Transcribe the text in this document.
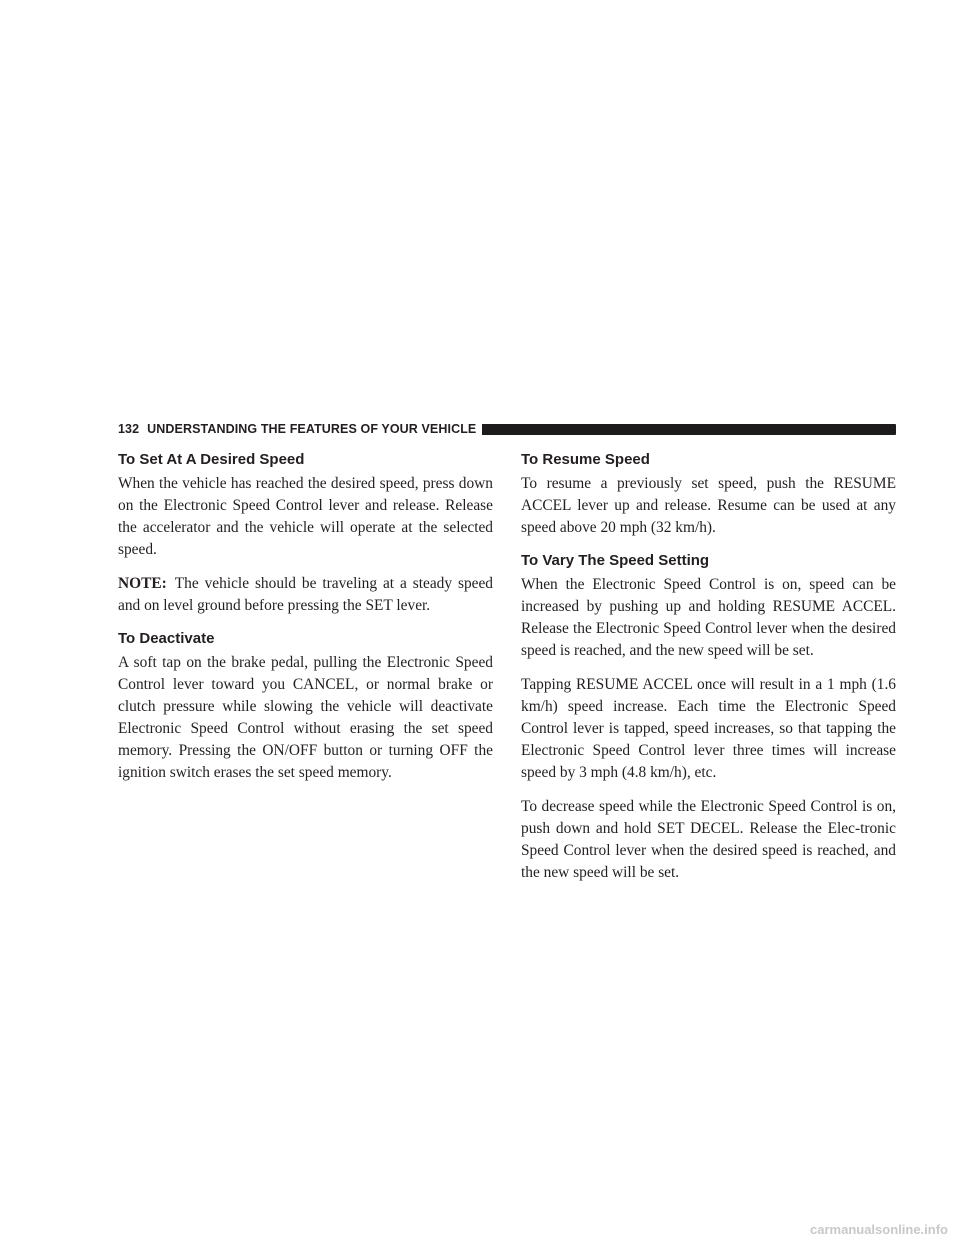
132 UNDERSTANDING THE FEATURES OF YOUR VEHICLE
To Set At A Desired Speed

When the vehicle has reached the desired speed, press down on the Electronic Speed Control lever and release. Release the accelerator and the vehicle will operate at the selected speed.

NOTE: The vehicle should be traveling at a steady speed and on level ground before pressing the SET lever.

To Deactivate

A soft tap on the brake pedal, pulling the Electronic Speed Control lever toward you CANCEL, or normal brake or clutch pressure while slowing the vehicle will deactivate Electronic Speed Control without erasing the set speed memory. Pressing the ON/OFF button or turning OFF the ignition switch erases the set speed memory.

To Resume Speed

To resume a previously set speed, push the RESUME ACCEL lever up and release. Resume can be used at any speed above 20 mph (32 km/h).

To Vary The Speed Setting

When the Electronic Speed Control is on, speed can be increased by pushing up and holding RESUME ACCEL. Release the Electronic Speed Control lever when the desired speed is reached, and the new speed will be set.

Tapping RESUME ACCEL once will result in a 1 mph (1.6 km/h) speed increase. Each time the Electronic Speed Control lever is tapped, speed increases, so that tapping the Electronic Speed Control lever three times will increase speed by 3 mph (4.8 km/h), etc.

To decrease speed while the Electronic Speed Control is on, push down and hold SET DECEL. Release the Elec-tronic Speed Control lever when the desired speed is reached, and the new speed will be set.

carmanualsonline.info
